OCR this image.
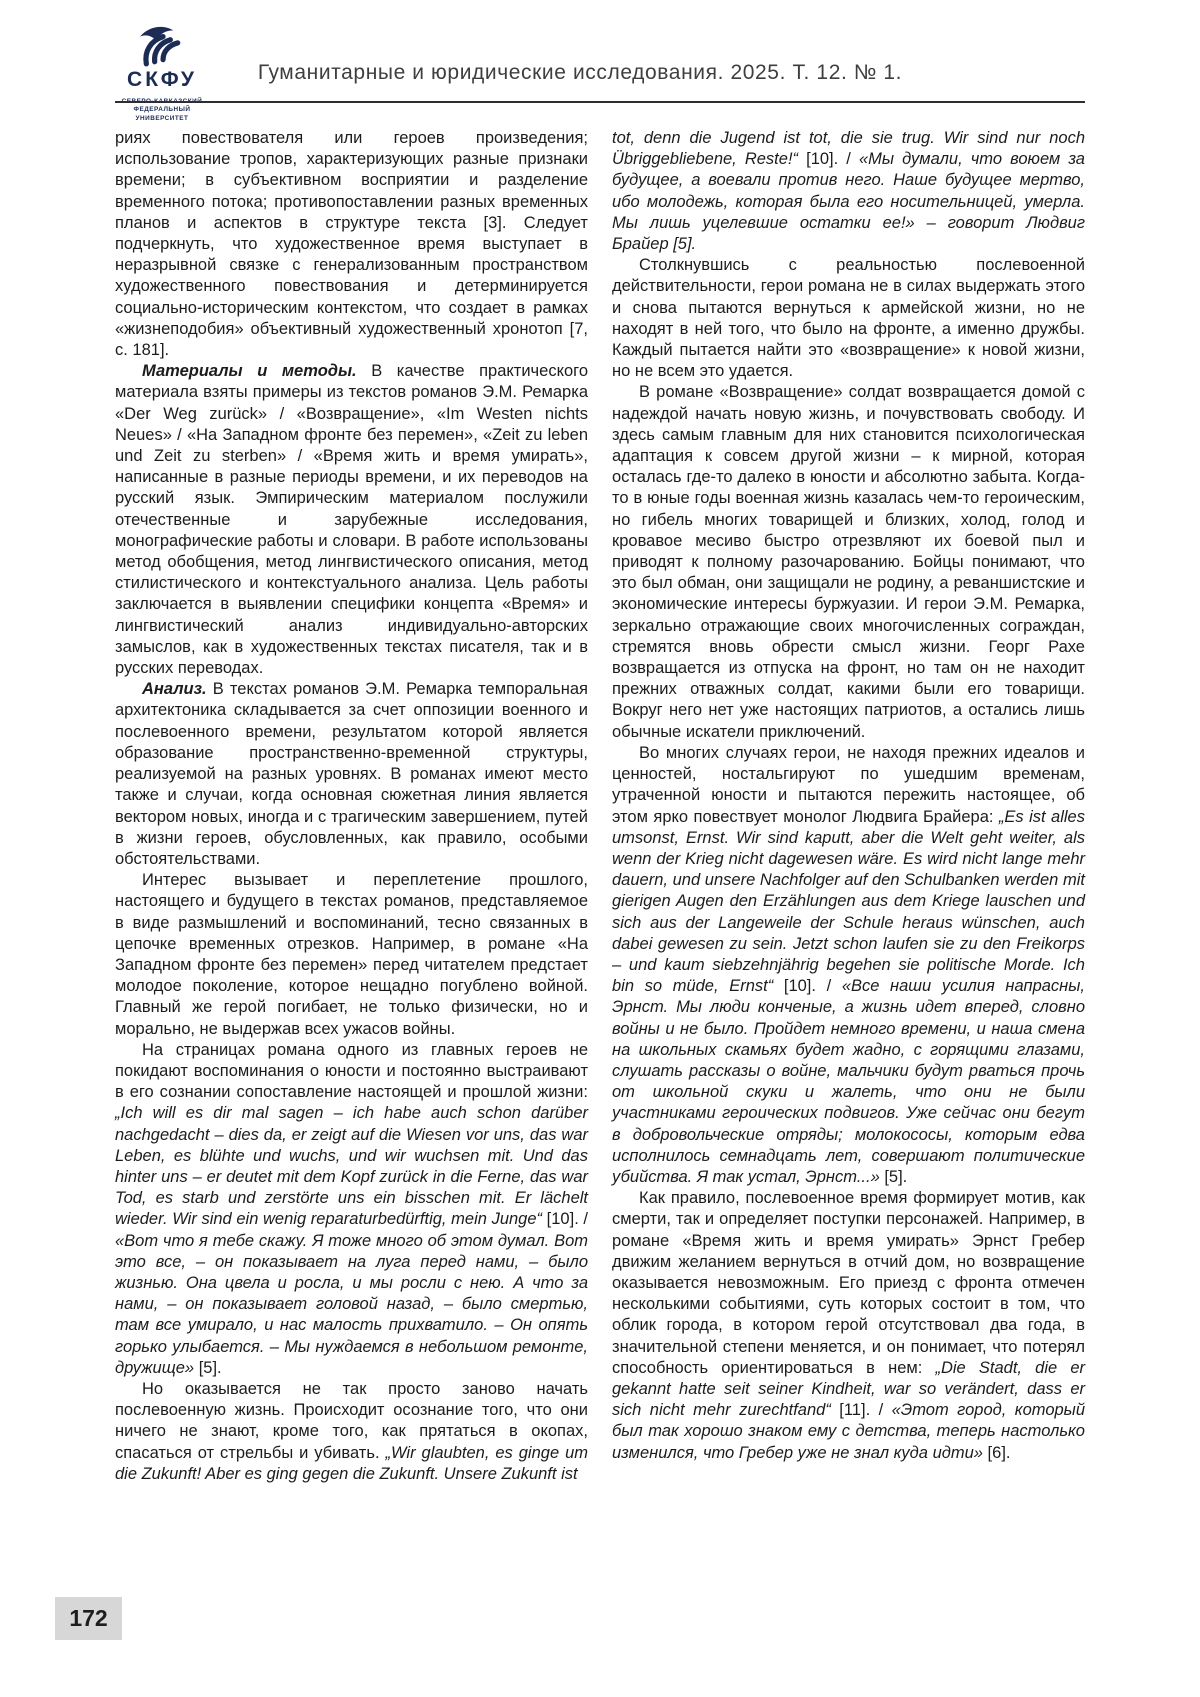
СКФУ
СЕВЕРО-КАВКАЗСКИЙ
ФЕДЕРАЛЬНЫЙ УНИВЕРСИТЕТ
Гуманитарные и юридические исследования. 2025. Т. 12. № 1.

риях повествователя или героев произведения; использование тропов, характеризующих разные признаки времени; в субъективном восприятии и разделение временного потока; противопоставлении разных временных планов и аспектов в структуре текста [3]. Следует подчеркнуть, что художественное время выступает в неразрывной связке с генерализованным пространством художественного повествования и детерминируется социально-историческим контекстом, что создает в рамках «жизнеподобия» объективный художественный хронотоп [7, с. 181].

Материалы и методы. В качестве практического материала взяты примеры из текстов романов Э.М. Ремарка «Der Weg zurück» / «Возвращение», «Im Westen nichts Neues» / «На Западном фронте без перемен», «Zeit zu leben und Zeit zu sterben» / «Время жить и время умирать», написанные в разные периоды времени, и их переводов на русский язык. Эмпирическим материалом послужили отечественные и зарубежные исследования, монографические работы и словари. В работе использованы метод обобщения, метод лингвистического описания, метод стилистического и контекстуального анализа. Цель работы заключается в выявлении специфики концепта «Время» и лингвистический анализ индивидуально-авторских замыслов, как в художественных текстах писателя, так и в русских переводах.

Анализ. В текстах романов Э.М. Ремарка темпоральная архитектоника складывается за счет оппозиции военного и послевоенного времени, результатом которой является образование пространственно-временной структуры, реализуемой на разных уровнях. В романах имеют место также и случаи, когда основная сюжетная линия является вектором новых, иногда и с трагическим завершением, путей в жизни героев, обусловленных, как правило, особыми обстоятельствами.

Интерес вызывает и переплетение прошлого, настоящего и будущего в текстах романов, представляемое в виде размышлений и воспоминаний, тесно связанных в цепочке временных отрезков. Например, в романе «На Западном фронте без перемен» перед читателем предстает молодое поколение, которое нещадно погублено войной. Главный же герой погибает, не только физически, но и морально, не выдержав всех ужасов войны.

На страницах романа одного из главных героев не покидают воспоминания о юности и постоянно выстраивают в его сознании сопоставление настоящей и прошлой жизни: „Ich will es dir mal sagen – ich habe auch schon darüber nachgedacht – dies da, er zeigt auf die Wiesen vor uns, das war Leben, es blühte und wuchs, und wir wuchsen mit. Und das hinter uns – er deutet mit dem Kopf zurück in die Ferne, das war Tod, es starb und zerstörte uns ein bisschen mit. Er lächelt wieder. Wir sind ein wenig reparaturbedürftig, mein Junge“ [10]. / «Вот что я тебе скажу. Я тоже много об этом думал. Вот это все, – он показывает на луга перед нами, – было жизнью. Она цвела и росла, и мы росли с нею. А что за нами, – он показывает головой назад, – было смертью, там все умирало, и нас малость прихватило. – Он опять горько улыбается. – Мы нуждаемся в небольшом ремонте, дружище» [5].

Но оказывается не так просто заново начать послевоенную жизнь. Происходит осознание того, что они ничего не знают, кроме того, как прятаться в окопах, спасаться от стрельбы и убивать. „Wir glaubten, es ginge um die Zukunft! Aber es ging gegen die Zukunft. Unsere Zukunft ist

tot, denn die Jugend ist tot, die sie trug. Wir sind nur noch Übriggebliebene, Reste!“ [10]. / «Мы думали, что воюем за будущее, а воевали против него. Наше будущее мертво, ибо молодежь, которая была его носительницей, умерла. Мы лишь уцелевшие остатки ее!» – говорит Людвиг Брайер [5].

Столкнувшись с реальностью послевоенной действительности, герои романа не в силах выдержать этого и снова пытаются вернуться к армейской жизни, но не находят в ней того, что было на фронте, а именно дружбы. Каждый пытается найти это «возвращение» к новой жизни, но не всем это удается.

В романе «Возвращение» солдат возвращается домой с надеждой начать новую жизнь, и почувствовать свободу. И здесь самым главным для них становится психологическая адаптация к совсем другой жизни – к мирной, которая осталась где-то далеко в юности и абсолютно забыта. Когда-то в юные годы военная жизнь казалась чем-то героическим, но гибель многих товарищей и близких, холод, голод и кровавое месиво быстро отрезвляют их боевой пыл и приводят к полному разочарованию. Бойцы понимают, что это был обман, они защищали не родину, а реваншистские и экономические интересы буржуазии. И герои Э.М. Ремарка, зеркально отражающие своих многочисленных сограждан, стремятся вновь обрести смысл жизни. Георг Рахе возвращается из отпуска на фронт, но там он не находит прежних отважных солдат, какими были его товарищи. Вокруг него нет уже настоящих патриотов, а остались лишь обычные искатели приключений.

Во многих случаях герои, не находя прежних идеалов и ценностей, ностальгируют по ушедшим временам, утраченной юности и пытаются пережить настоящее, об этом ярко повествует монолог Людвига Брайера: „Es ist alles umsonst, Ernst. Wir sind kaputt, aber die Welt geht weiter, als wenn der Krieg nicht dagewesen wäre. Es wird nicht lange mehr dauern, und unsere Nachfolger auf den Schulbanken werden mit gierigen Augen den Erzählungen aus dem Kriege lauschen und sich aus der Langeweile der Schule heraus wünschen, auch dabei gewesen zu sein. Jetzt schon laufen sie zu den Freikorps – und kaum siebzehnjährig begehen sie politische Morde. Ich bin so müde, Ernst“ [10]. / «Все наши усилия напрасны, Эрнст. Мы люди конченые, а жизнь идет вперед, словно войны и не было. Пройдет немного времени, и наша смена на школьных скамьях будет жадно, с горящими глазами, слушать рассказы о войне, мальчики будут рваться прочь от школьной скуки и жалеть, что они не были участниками героических подвигов. Уже сейчас они бегут в добровольческие отряды; молокососы, которым едва исполнилось семнадцать лет, совершают политические убийства. Я так устал, Эрнст...» [5].

Как правило, послевоенное время формирует мотив, как смерти, так и определяет поступки персонажей. Например, в романе «Время жить и время умирать» Эрнст Гребер движим желанием вернуться в отчий дом, но возвращение оказывается невозможным. Его приезд с фронта отмечен несколькими событиями, суть которых состоит в том, что облик города, в котором герой отсутствовал два года, в значительной степени меняется, и он понимает, что потерял способность ориентироваться в нем: „Die Stadt, die er gekannt hatte seit seiner Kindheit, war so verändert, dass er sich nicht mehr zurechtfand“ [11]. / «Этот город, который был так хорошо знаком ему с детства, теперь настолько изменился, что Гребер уже не знал куда идти» [6].

172
